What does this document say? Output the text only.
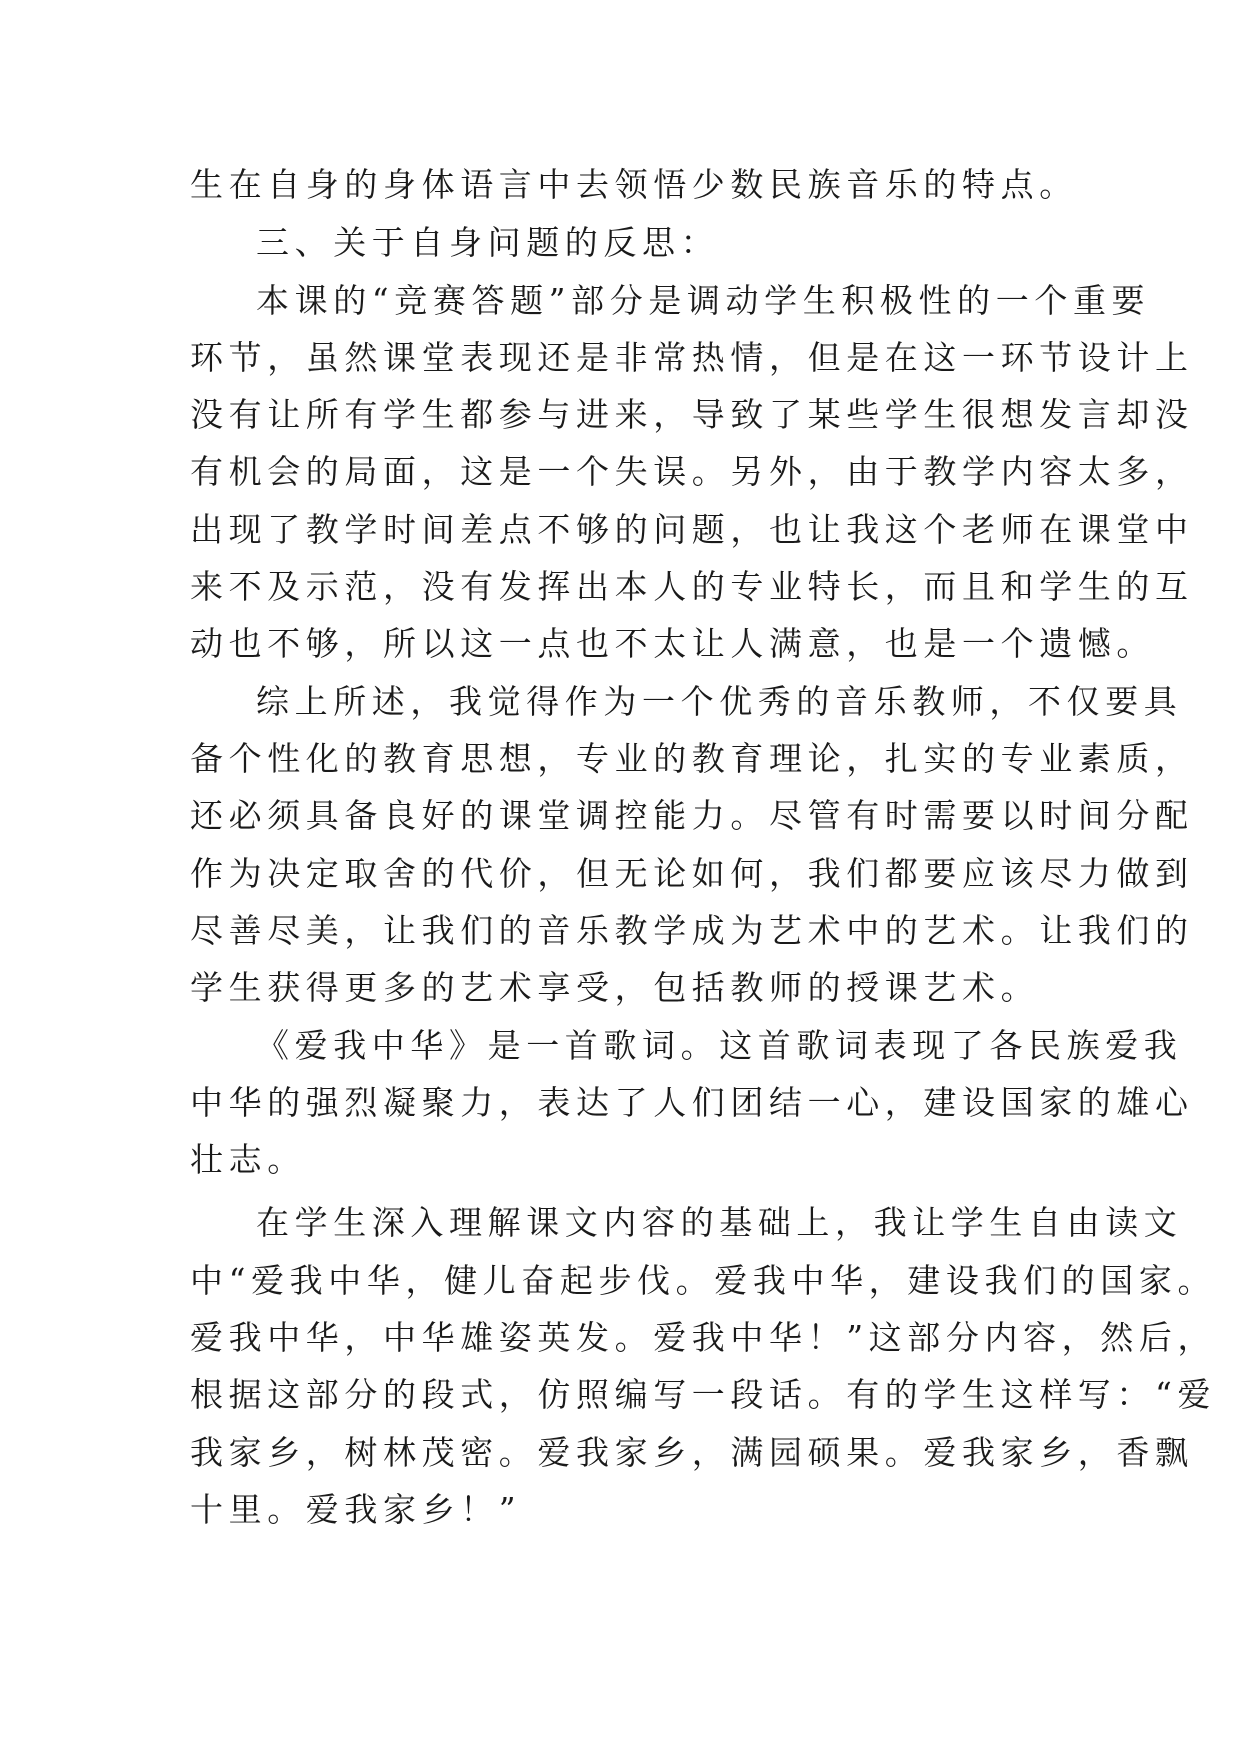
生在自身的身体语言中去领悟少数民族音乐的特点。

三、关于自身问题的反思：

本课的“竞赛答题”部分是调动学生积极性的一个重要

环节，虽然课堂表现还是非常热情，但是在这一环节设计上

没有让所有学生都参与进来，导致了某些学生很想发言却没

有机会的局面，这是一个失误。另外，由于教学内容太多，

出现了教学时间差点不够的问题，也让我这个老师在课堂中

来不及示范，没有发挥出本人的专业特长，而且和学生的互

动也不够，所以这一点也不太让人满意，也是一个遗憾。

综上所述，我觉得作为一个优秀的音乐教师，不仅要具

备个性化的教育思想，专业的教育理论，扎实的专业素质，

还必须具备良好的课堂调控能力。尽管有时需要以时间分配

作为决定取舍的代价，但无论如何，我们都要应该尽力做到

尽善尽美，让我们的音乐教学成为艺术中的艺术。让我们的

学生获得更多的艺术享受，包括教师的授课艺术。

《爱我中华》是一首歌词。这首歌词表现了各民族爱我

中华的强烈凝聚力，表达了人们团结一心，建设国家的雄心

壮志。

在学生深入理解课文内容的基础上，我让学生自由读文

中“爱我中华，健儿奋起步伐。爱我中华，建设我们的国家。

爱我中华，中华雄姿英发。爱我中华！”这部分内容，然后，

根据这部分的段式，仿照编写一段话。有的学生这样写：“爱

我家乡，树林茂密。爱我家乡，满园硕果。爱我家乡，香飘

十里。爱我家乡！”
